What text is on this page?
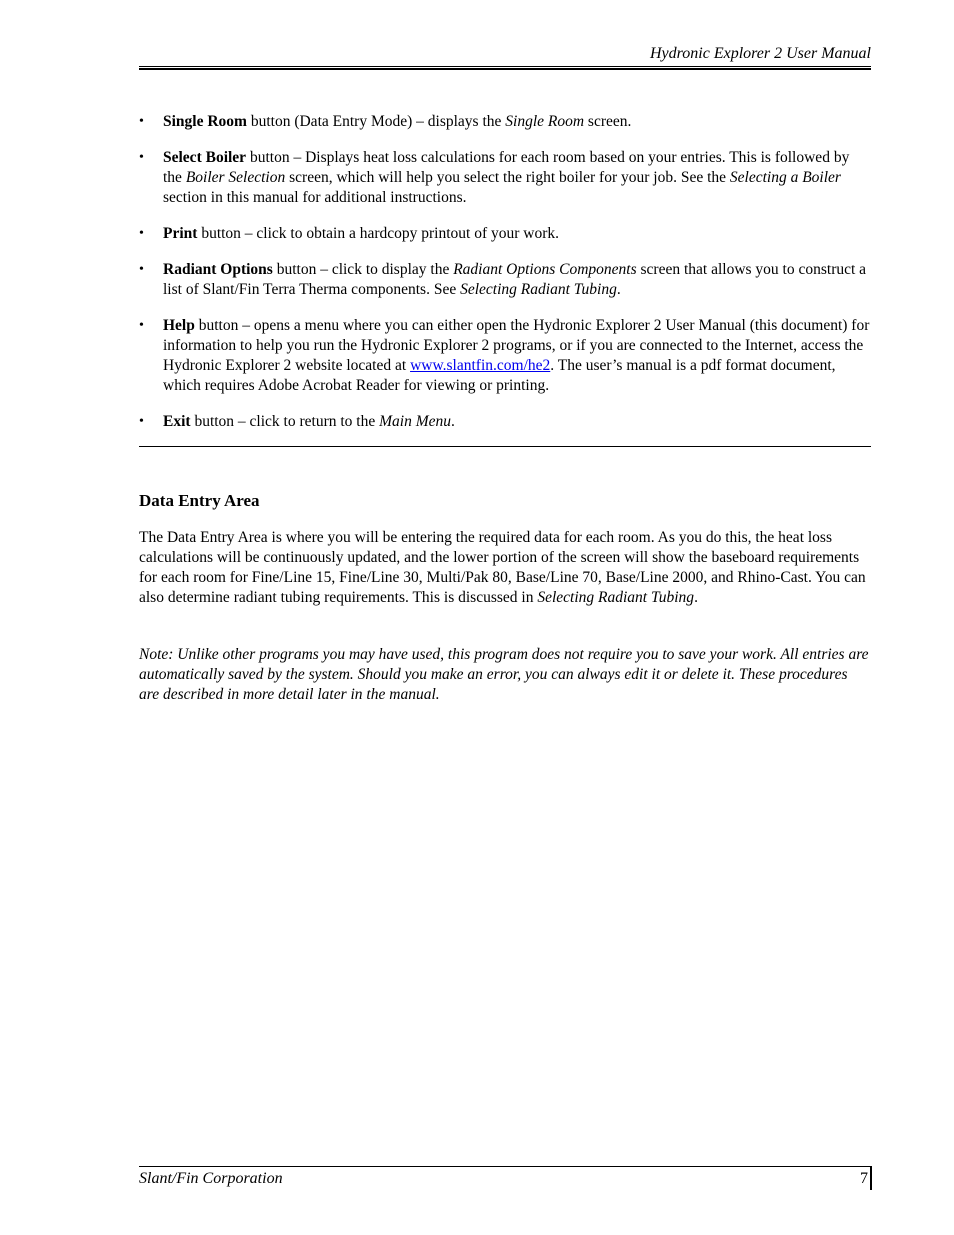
Hydronic Explorer 2 User Manual
•	Single Room button (Data Entry Mode) – displays the Single Room screen.
•	Select Boiler button – Displays heat loss calculations for each room based on your entries. This is followed by the Boiler Selection screen, which will help you select the right boiler for your job. See the Selecting a Boiler section in this manual for additional instructions.
•	Print button – click to obtain a hardcopy printout of your work.
•	Radiant Options button – click to display the Radiant Options Components screen that allows you to construct a list of Slant/Fin Terra Therma components. See Selecting Radiant Tubing.
•	Help button – opens a menu where you can either open the Hydronic Explorer 2 User Manual (this document) for information to help you run the Hydronic Explorer 2 programs, or if you are connected to the Internet, access the Hydronic Explorer 2 website located at www.slantfin.com/he2. The user’s manual is a pdf format document, which requires Adobe Acrobat Reader for viewing or printing.
•	Exit button – click to return to the Main Menu.
Data Entry Area
The Data Entry Area is where you will be entering the required data for each room. As you do this, the heat loss calculations will be continuously updated, and the lower portion of the screen will show the baseboard requirements for each room for Fine/Line 15, Fine/Line 30, Multi/Pak 80, Base/Line 70, Base/Line 2000, and Rhino-Cast. You can also determine radiant tubing requirements. This is discussed in Selecting Radiant Tubing.
Note: Unlike other programs you may have used, this program does not require you to save your work. All entries are automatically saved by the system. Should you make an error, you can always edit it or delete it. These procedures are described in more detail later in the manual.
Slant/Fin Corporation	7
